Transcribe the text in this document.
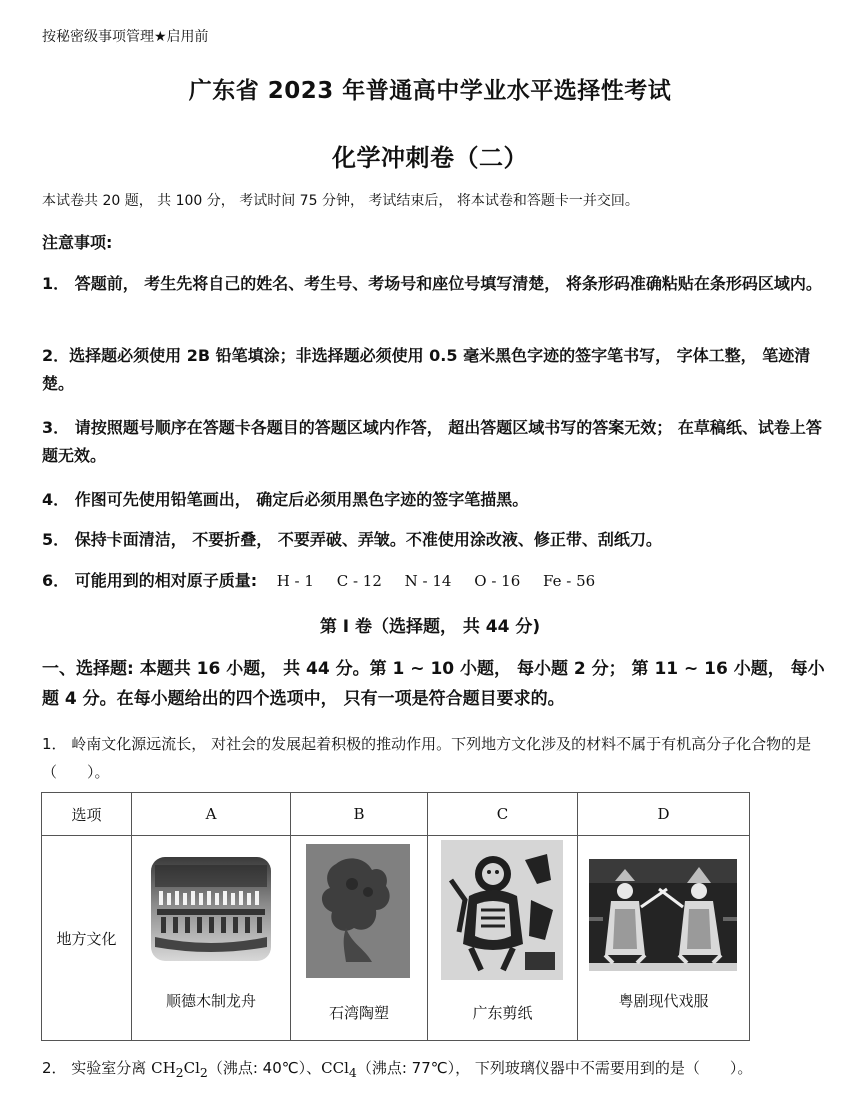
按秘密级事项管理★启用前
广东省 2023 年普通高中学业水平选择性考试
化学冲刺卷（二）
本试卷共 20 题， 共 100 分， 考试时间 75 分钟， 考试结束后， 将本试卷和答题卡一并交回。
注意事项:
1． 答题前， 考生先将自己的姓名、考生号、考场号和座位号填写清楚， 将条形码准确粘贴在条形码区域内。
2．选择题必须使用 2B 铅笔填涂；非选择题必须使用 0.5 毫米黑色字迹的签字笔书写， 字体工整， 笔迹清楚。
3． 请按照题号顺序在答题卡各题目的答题区域内作答， 超出答题区域书写的答案无效； 在草稿纸、试卷上答题无效。
4． 作图可先使用铅笔画出， 确定后必须用黑色字迹的签字笔描黑。
5． 保持卡面清洁， 不要折叠， 不要弄破、弄皱。不准使用涂改液、修正带、刮纸刀。
6． 可能用到的相对原子质量: H - 1 C - 12 N - 14 O - 16 Fe - 56
第 I 卷（选择题， 共 44 分)
一、选择题: 本题共 16 小题， 共 44 分。第 1 ~ 10 小题， 每小题 2 分； 第 11 ~ 16 小题， 每小题 4 分。在每小题给出的四个选项中， 只有一项是符合题目要求的。
1． 岭南文化源远流长， 对社会的发展起着积极的推动作用。下列地方文化涉及的材料不属于有机高分子化合物的是（　　）。
选项	A	B	C	D
地方文化	顺德木制龙舟	石湾陶塑	广东剪纸	粤剧现代戏服
2． 实验室分离 $CH_2Cl_2$（沸点: 40℃）、CCl$_4$（沸点: 77℃）， 下列玻璃仪器中不需要用到的是（　　）。
